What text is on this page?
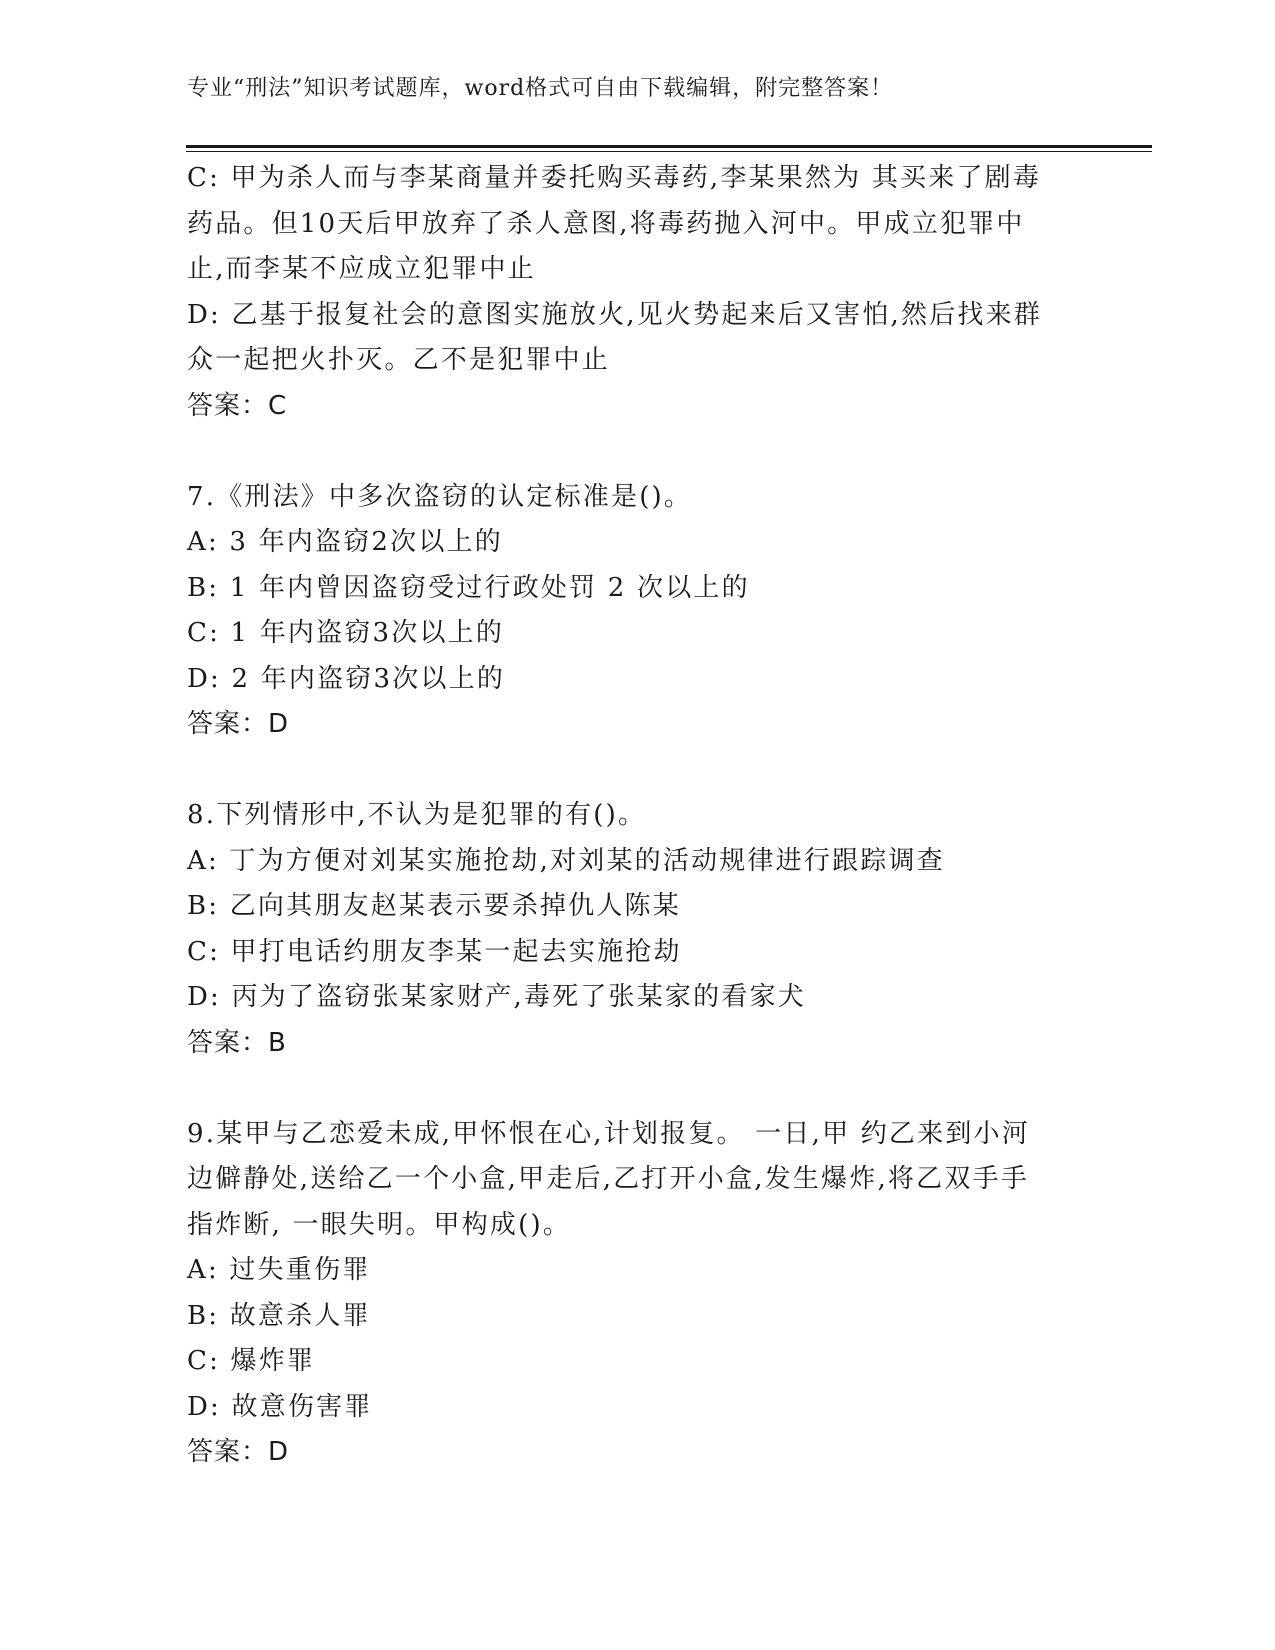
专业“刑法”知识考试题库，word格式可自由下载编辑，附完整答案！
C: 甲为杀人而与李某商量并委托购买毒药,李某果然为 其买来了剧毒
药品。但10天后甲放弃了杀人意图,将毒药抛入河中。甲成立犯罪中
止,而李某不应成立犯罪中止
D: 乙基于报复社会的意图实施放火,见火势起来后又害怕,然后找来群
众一起把火扑灭。乙不是犯罪中止
答案：C
7.《刑法》中多次盗窃的认定标准是()。
A: 3 年内盗窃2次以上的
B: 1 年内曾因盗窃受过行政处罚 2 次以上的
C: 1 年内盗窃3次以上的
D: 2 年内盗窃3次以上的
答案：D
8.下列情形中,不认为是犯罪的有()。
A: 丁为方便对刘某实施抢劫,对刘某的活动规律进行跟踪调查
B: 乙向其朋友赵某表示要杀掉仇人陈某
C: 甲打电话约朋友李某一起去实施抢劫
D: 丙为了盗窃张某家财产,毒死了张某家的看家犬
答案：B
9.某甲与乙恋爱未成,甲怀恨在心,计划报复。 一日,甲 约乙来到小河
边僻静处,送给乙一个小盒,甲走后,乙打开小盒,发生爆炸,将乙双手手
指炸断, 一眼失明。甲构成()。
A: 过失重伤罪
B: 故意杀人罪
C: 爆炸罪
D: 故意伤害罪
答案：D
